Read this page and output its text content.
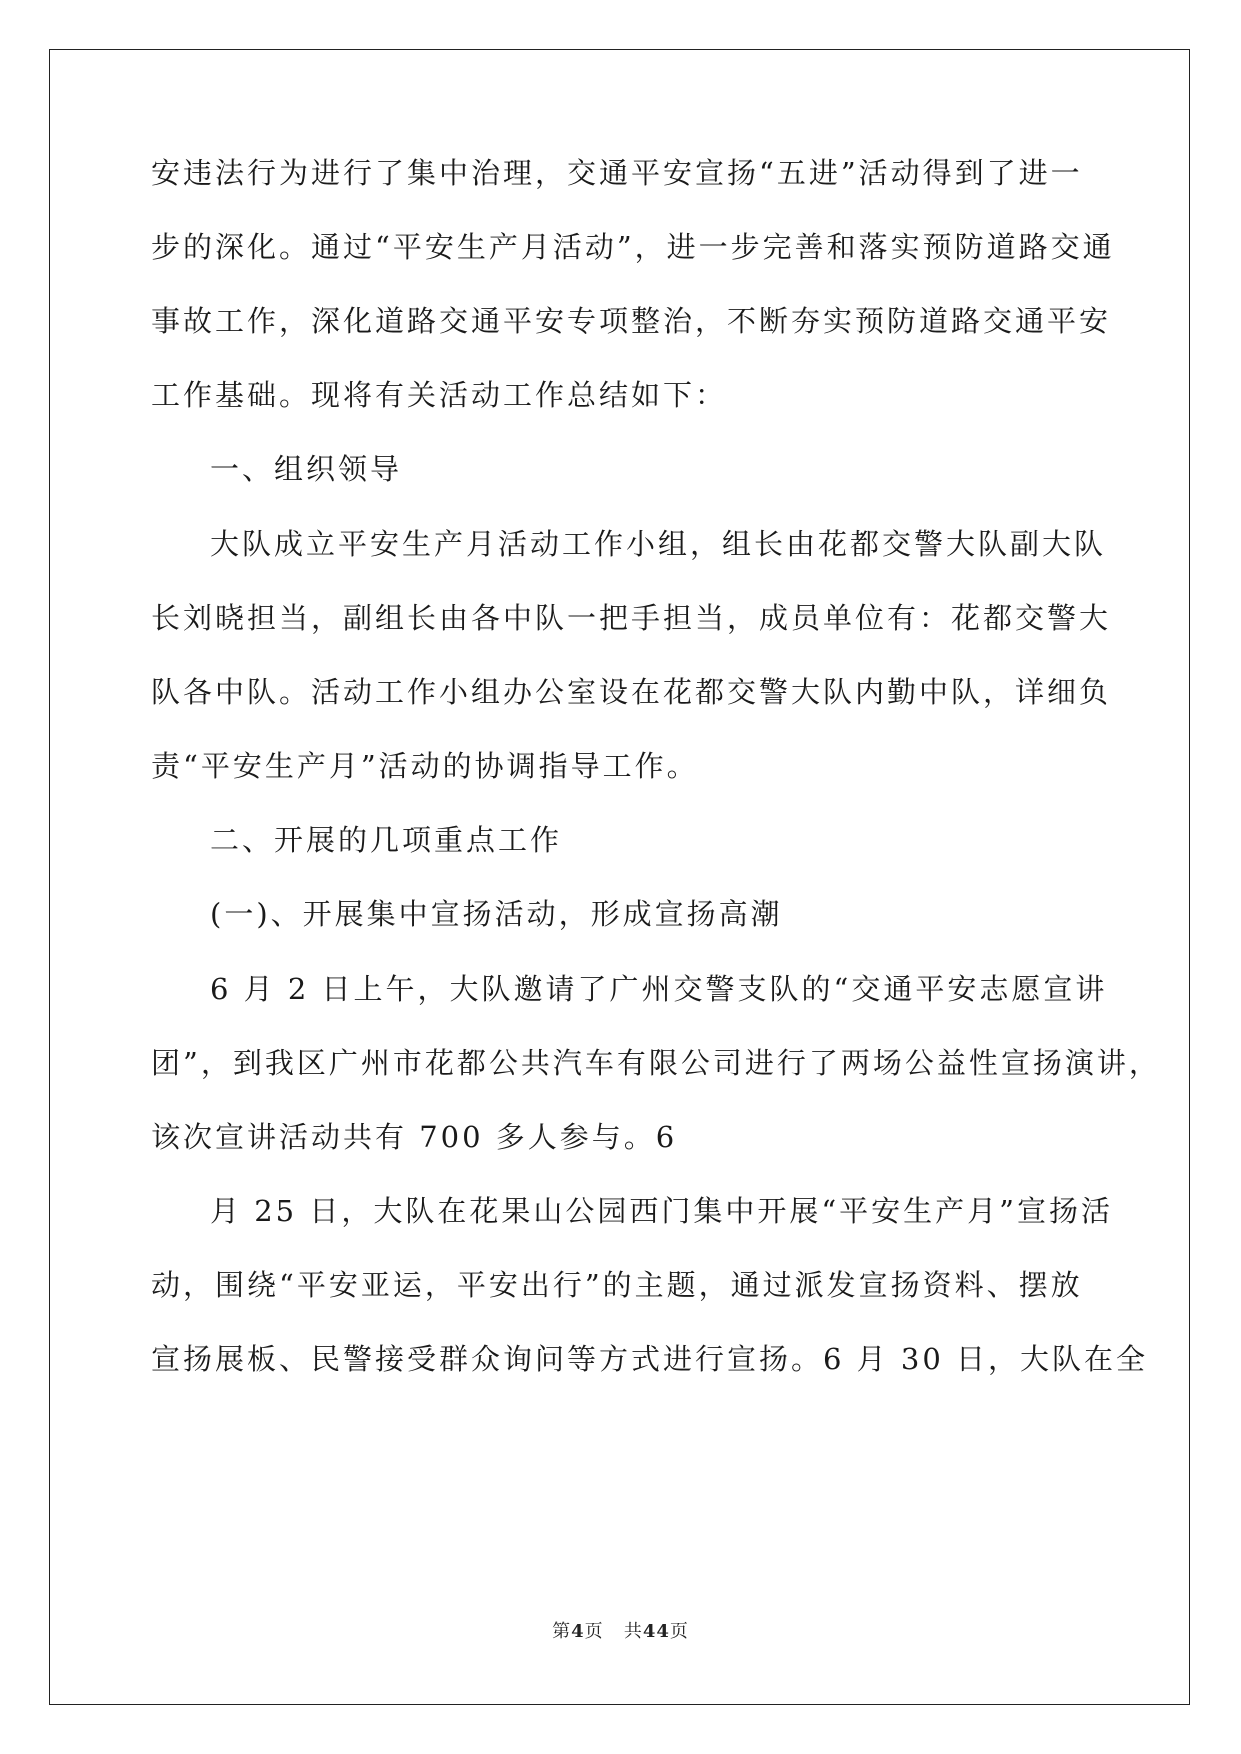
安违法行为进行了集中治理，交通平安宣扬“五进”活动得到了进一
步的深化。通过“平安生产月活动”，进一步完善和落实预防道路交通
事故工作，深化道路交通平安专项整治，不断夯实预防道路交通平安
工作基础。现将有关活动工作总结如下：
一、组织领导
大队成立平安生产月活动工作小组，组长由花都交警大队副大队
长刘晓担当，副组长由各中队一把手担当，成员单位有：花都交警大
队各中队。活动工作小组办公室设在花都交警大队内勤中队，详细负
责“平安生产月”活动的协调指导工作。
二、开展的几项重点工作
(一)、开展集中宣扬活动，形成宣扬高潮
6 月 2 日上午，大队邀请了广州交警支队的“交通平安志愿宣讲
团”，到我区广州市花都公共汽车有限公司进行了两场公益性宣扬演讲，
该次宣讲活动共有 700 多人参与。6
月 25 日，大队在花果山公园西门集中开展“平安生产月”宣扬活
动，围绕“平安亚运，平安出行”的主题，通过派发宣扬资料、摆放
宣扬展板、民警接受群众询问等方式进行宣扬。6 月 30 日，大队在全
第4页 共44页
